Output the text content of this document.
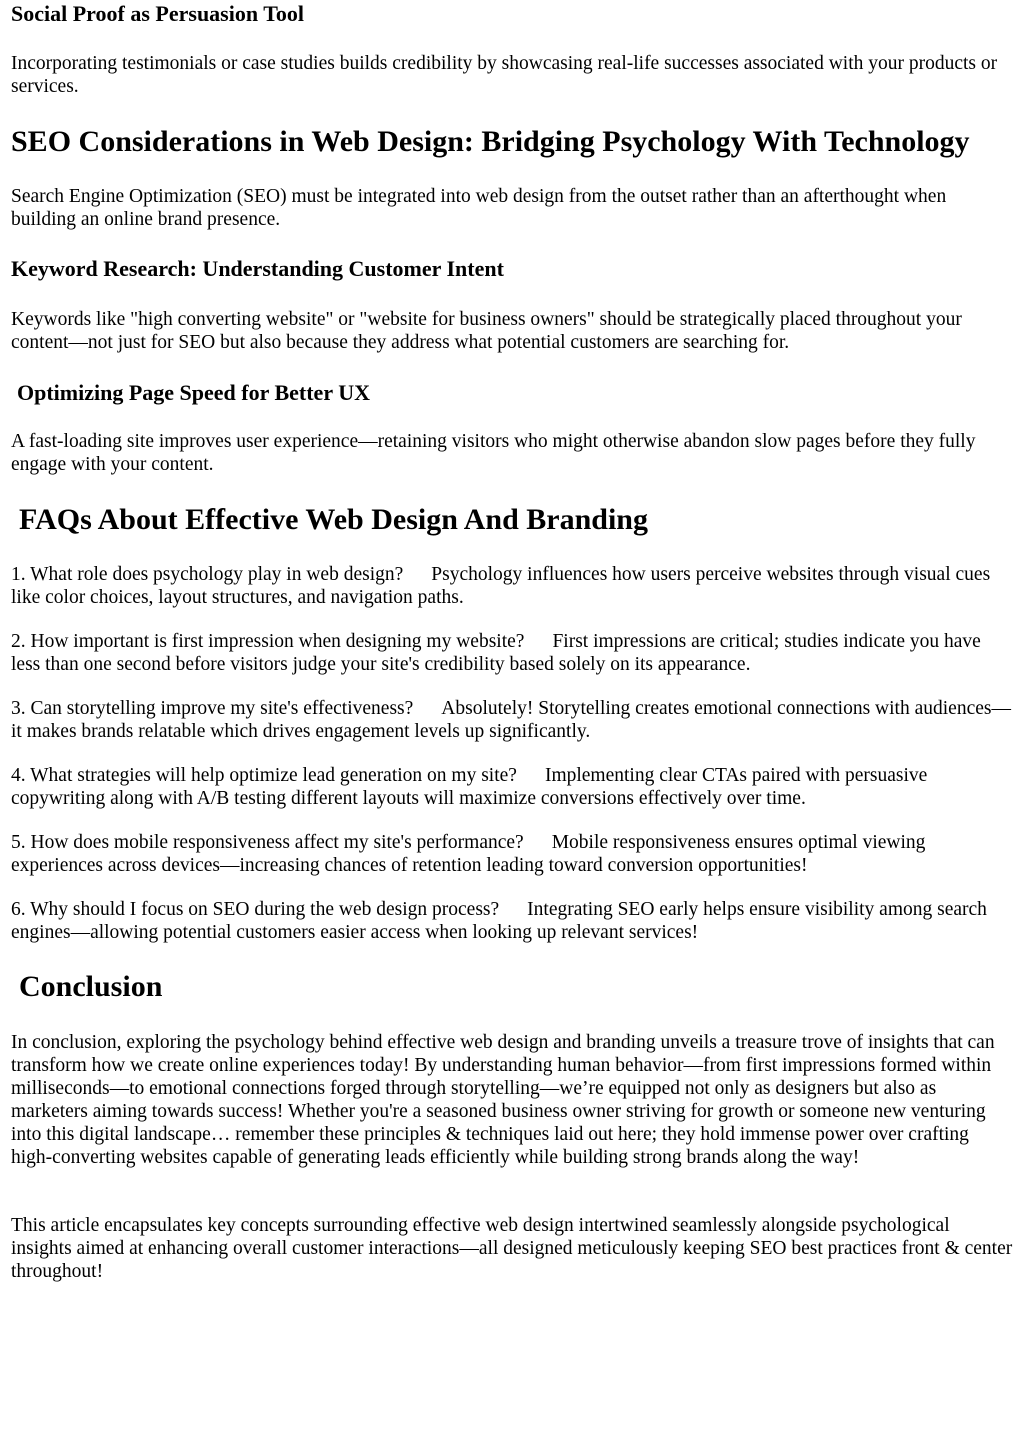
Social Proof as Persuasion Tool

Incorporating testimonials or case studies builds credibility by showcasing real-life successes associated with your products or services.

SEO Considerations in Web Design: Bridging Psychology With Technology

Search Engine Optimization (SEO) must be integrated into web design from the outset rather than an afterthought when building an online brand presence.

Keyword Research: Understanding Customer Intent

Keywords like "high converting website" or "website for business owners" should be strategically placed throughout your content—not just for SEO but also because they address what potential customers are searching for.

Optimizing Page Speed for Better UX

A fast-loading site improves user experience—retaining visitors who might otherwise abandon slow pages before they fully engage with your content.

FAQs About Effective Web Design And Branding

1. What role does psychology play in web design? Psychology influences how users perceive websites through visual cues like color choices, layout structures, and navigation paths.

2. How important is first impression when designing my website? First impressions are critical; studies indicate you have less than one second before visitors judge your site's credibility based solely on its appearance.

3. Can storytelling improve my site's effectiveness? Absolutely! Storytelling creates emotional connections with audiences—it makes brands relatable which drives engagement levels up significantly.

4. What strategies will help optimize lead generation on my site? Implementing clear CTAs paired with persuasive copywriting along with A/B testing different layouts will maximize conversions effectively over time.

5. How does mobile responsiveness affect my site's performance? Mobile responsiveness ensures optimal viewing experiences across devices—increasing chances of retention leading toward conversion opportunities!

6. Why should I focus on SEO during the web design process? Integrating SEO early helps ensure visibility among search engines—allowing potential customers easier access when looking up relevant services!

Conclusion

In conclusion, exploring the psychology behind effective web design and branding unveils a treasure trove of insights that can transform how we create online experiences today! By understanding human behavior—from first impressions formed within milliseconds—to emotional connections forged through storytelling—we’re equipped not only as designers but also as marketers aiming towards success! Whether you're a seasoned business owner striving for growth or someone new venturing into this digital landscape… remember these principles & techniques laid out here; they hold immense power over crafting high-converting websites capable of generating leads efficiently while building strong brands along the way!

This article encapsulates key concepts surrounding effective web design intertwined seamlessly alongside psychological insights aimed at enhancing overall customer interactions—all designed meticulously keeping SEO best practices front & center throughout!
